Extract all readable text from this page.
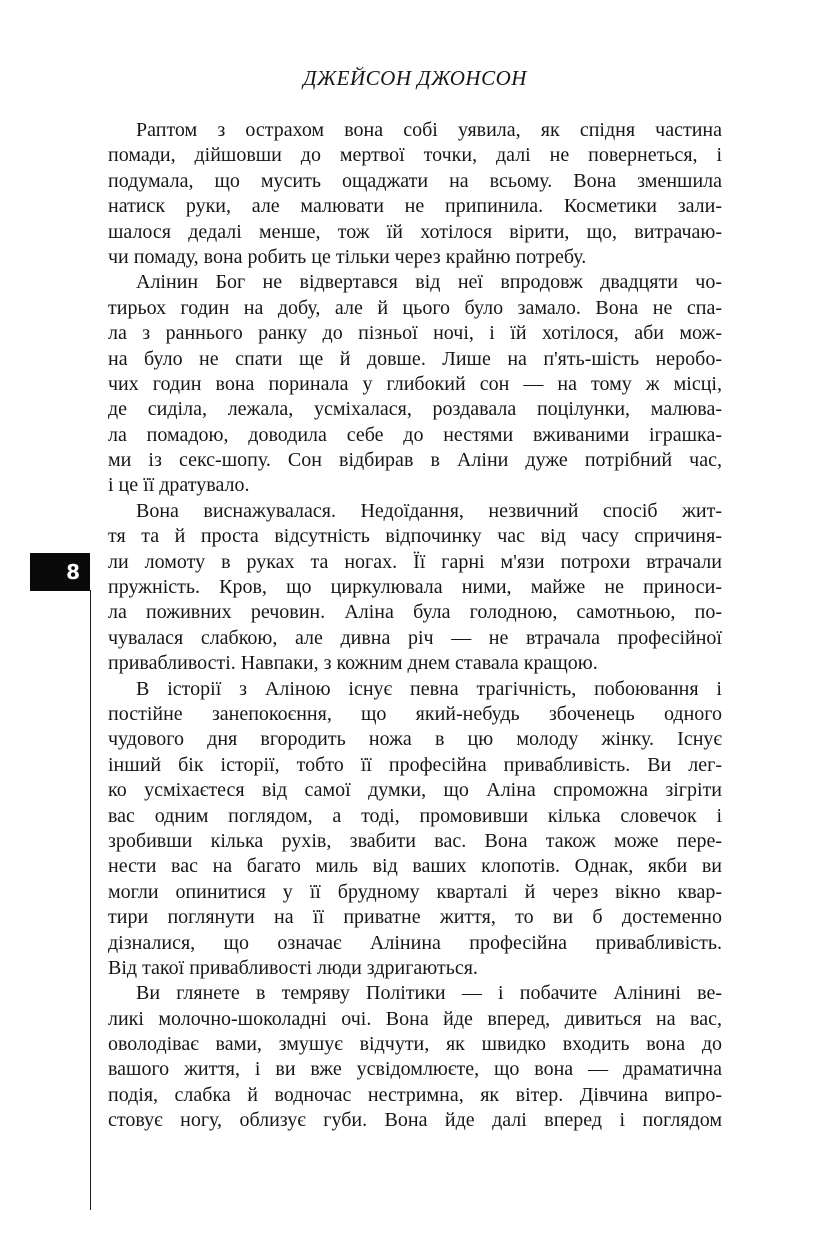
ДЖЕЙСОН ДЖОНСОН
8
Раптом з острахом вона собі уявила, як спідня частина
помади, дійшовши до мертвої точки, далі не повернеться, і
подумала, що мусить ощаджати на всьому. Вона зменшила
натиск руки, але малювати не припинила. Косметики зали-
шалося дедалі менше, тож їй хотілося вірити, що, витрачаю-
чи помаду, вона робить це тільки через крайню потребу.
Алінин Бог не відвертався від неї впродовж двадцяти чо-
тирьох годин на добу, але й цього було замало. Вона не спа-
ла з раннього ранку до пізньої ночі, і їй хотілося, аби мож-
на було не спати ще й довше. Лише на п'ять-шість неробо-
чих годин вона поринала у глибокий сон — на тому ж місці,
де сиділа, лежала, усміхалася, роздавала поцілунки, малюва-
ла помадою, доводила себе до нестями вживаними іграшка-
ми із секс-шопу. Сон відбирав в Аліни дуже потрібний час,
і це її дратувало.
Вона виснажувалася. Недоїдання, незвичний спосіб жит-
тя та й проста відсутність відпочинку час від часу спричиня-
ли ломоту в руках та ногах. Її гарні м'язи потрохи втрачали
пружність. Кров, що циркулювала ними, майже не приноси-
ла поживних речовин. Аліна була голодною, самотньою, по-
чувалася слабкою, але дивна річ — не втрачала професійної
привабливості. Навпаки, з кожним днем ставала кращою.
В історії з Аліною існує певна трагічність, побоювання і
постійне занепокоєння, що який-небудь збоченець одного
чудового дня вгородить ножа в цю молоду жінку. Існує
інший бік історії, тобто її професійна привабливість. Ви лег-
ко усміхаєтеся від самої думки, що Аліна спроможна зігріти
вас одним поглядом, а тоді, промовивши кілька словечок і
зробивши кілька рухів, звабити вас. Вона також може пере-
нести вас на багато миль від ваших клопотів. Однак, якби ви
могли опинитися у її брудному кварталі й через вікно квар-
тири поглянути на її приватне життя, то ви б достеменно
дізналися, що означає Алінина професійна привабливість.
Від такої привабливості люди здригаються.
Ви глянете в темряву Політики — і побачите Алінині ве-
ликі молочно-шоколадні очі. Вона йде вперед, дивиться на вас,
оволодіває вами, змушує відчути, як швидко входить вона до
вашого життя, і ви вже усвідомлюєте, що вона — драматична
подія, слабка й водночас нестримна, як вітер. Дівчина випро-
стовує ногу, облизує губи. Вона йде далі вперед і поглядом
